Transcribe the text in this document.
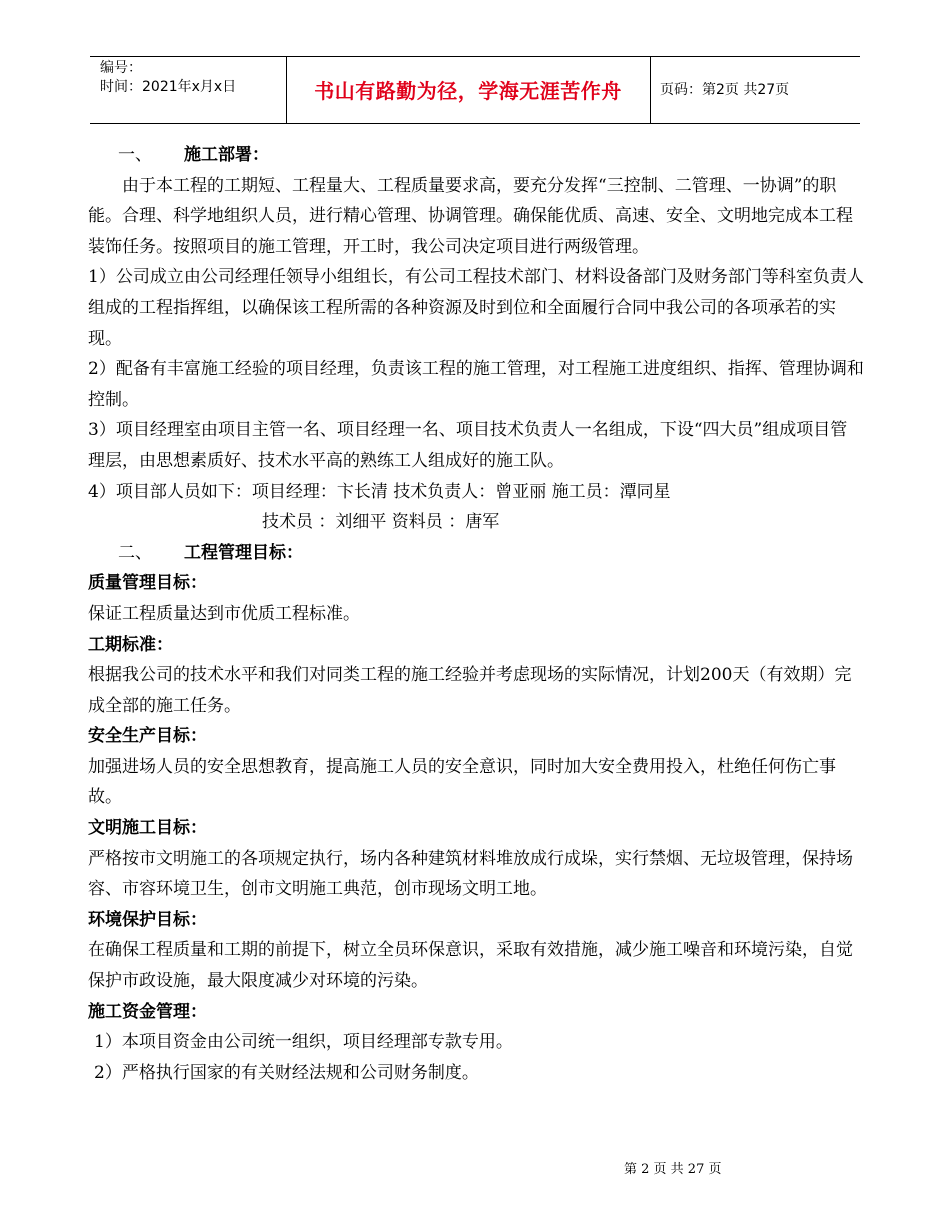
编号：
时间：2021年x月x日	书山有路勤为径，学海无涯苦作舟	页码：第2页 共27页

一、 施工部署：

由于本工程的工期短、工程量大、工程质量要求高，要充分发挥“三控制、二管理、一协调”的职能。合理、科学地组织人员，进行精心管理、协调管理。确保能优质、高速、安全、文明地完成本工程装饰任务。按照项目的施工管理，开工时，我公司决定项目进行两级管理。

1）公司成立由公司经理任领导小组组长，有公司工程技术部门、材料设备部门及财务部门等科室负责人组成的工程指挥组，以确保该工程所需的各种资源及时到位和全面履行合同中我公司的各项承若的实现。

2）配备有丰富施工经验的项目经理，负责该工程的施工管理，对工程施工进度组织、指挥、管理协调和控制。

3）项目经理室由项目主管一名、项目经理一名、项目技术负责人一名组成，下设“四大员”组成项目管理层，由思想素质好、技术水平高的熟练工人组成好的施工队。

4）项目部人员如下：项目经理：卞长清 技术负责人：曾亚丽 施工员：潭同星

技术员 ：刘细平 资料员 ：唐军

二、 工程管理目标：

质量管理目标：

保证工程质量达到市优质工程标准。

工期标准：

根据我公司的技术水平和我们对同类工程的施工经验并考虑现场的实际情况，计划200天（有效期）完成全部的施工任务。

安全生产目标：

加强进场人员的安全思想教育，提高施工人员的安全意识，同时加大安全费用投入，杜绝任何伤亡事故。

文明施工目标：

严格按市文明施工的各项规定执行，场内各种建筑材料堆放成行成垛，实行禁烟、无垃圾管理，保持场容、市容环境卫生，创市文明施工典范，创市现场文明工地。

环境保护目标：

在确保工程质量和工期的前提下，树立全员环保意识，采取有效措施，减少施工噪音和环境污染，自觉保护市政设施，最大限度减少对环境的污染。

施工资金管理：

1）本项目资金由公司统一组织，项目经理部专款专用。

2）严格执行国家的有关财经法规和公司财务制度。

第 2 页 共 27 页
